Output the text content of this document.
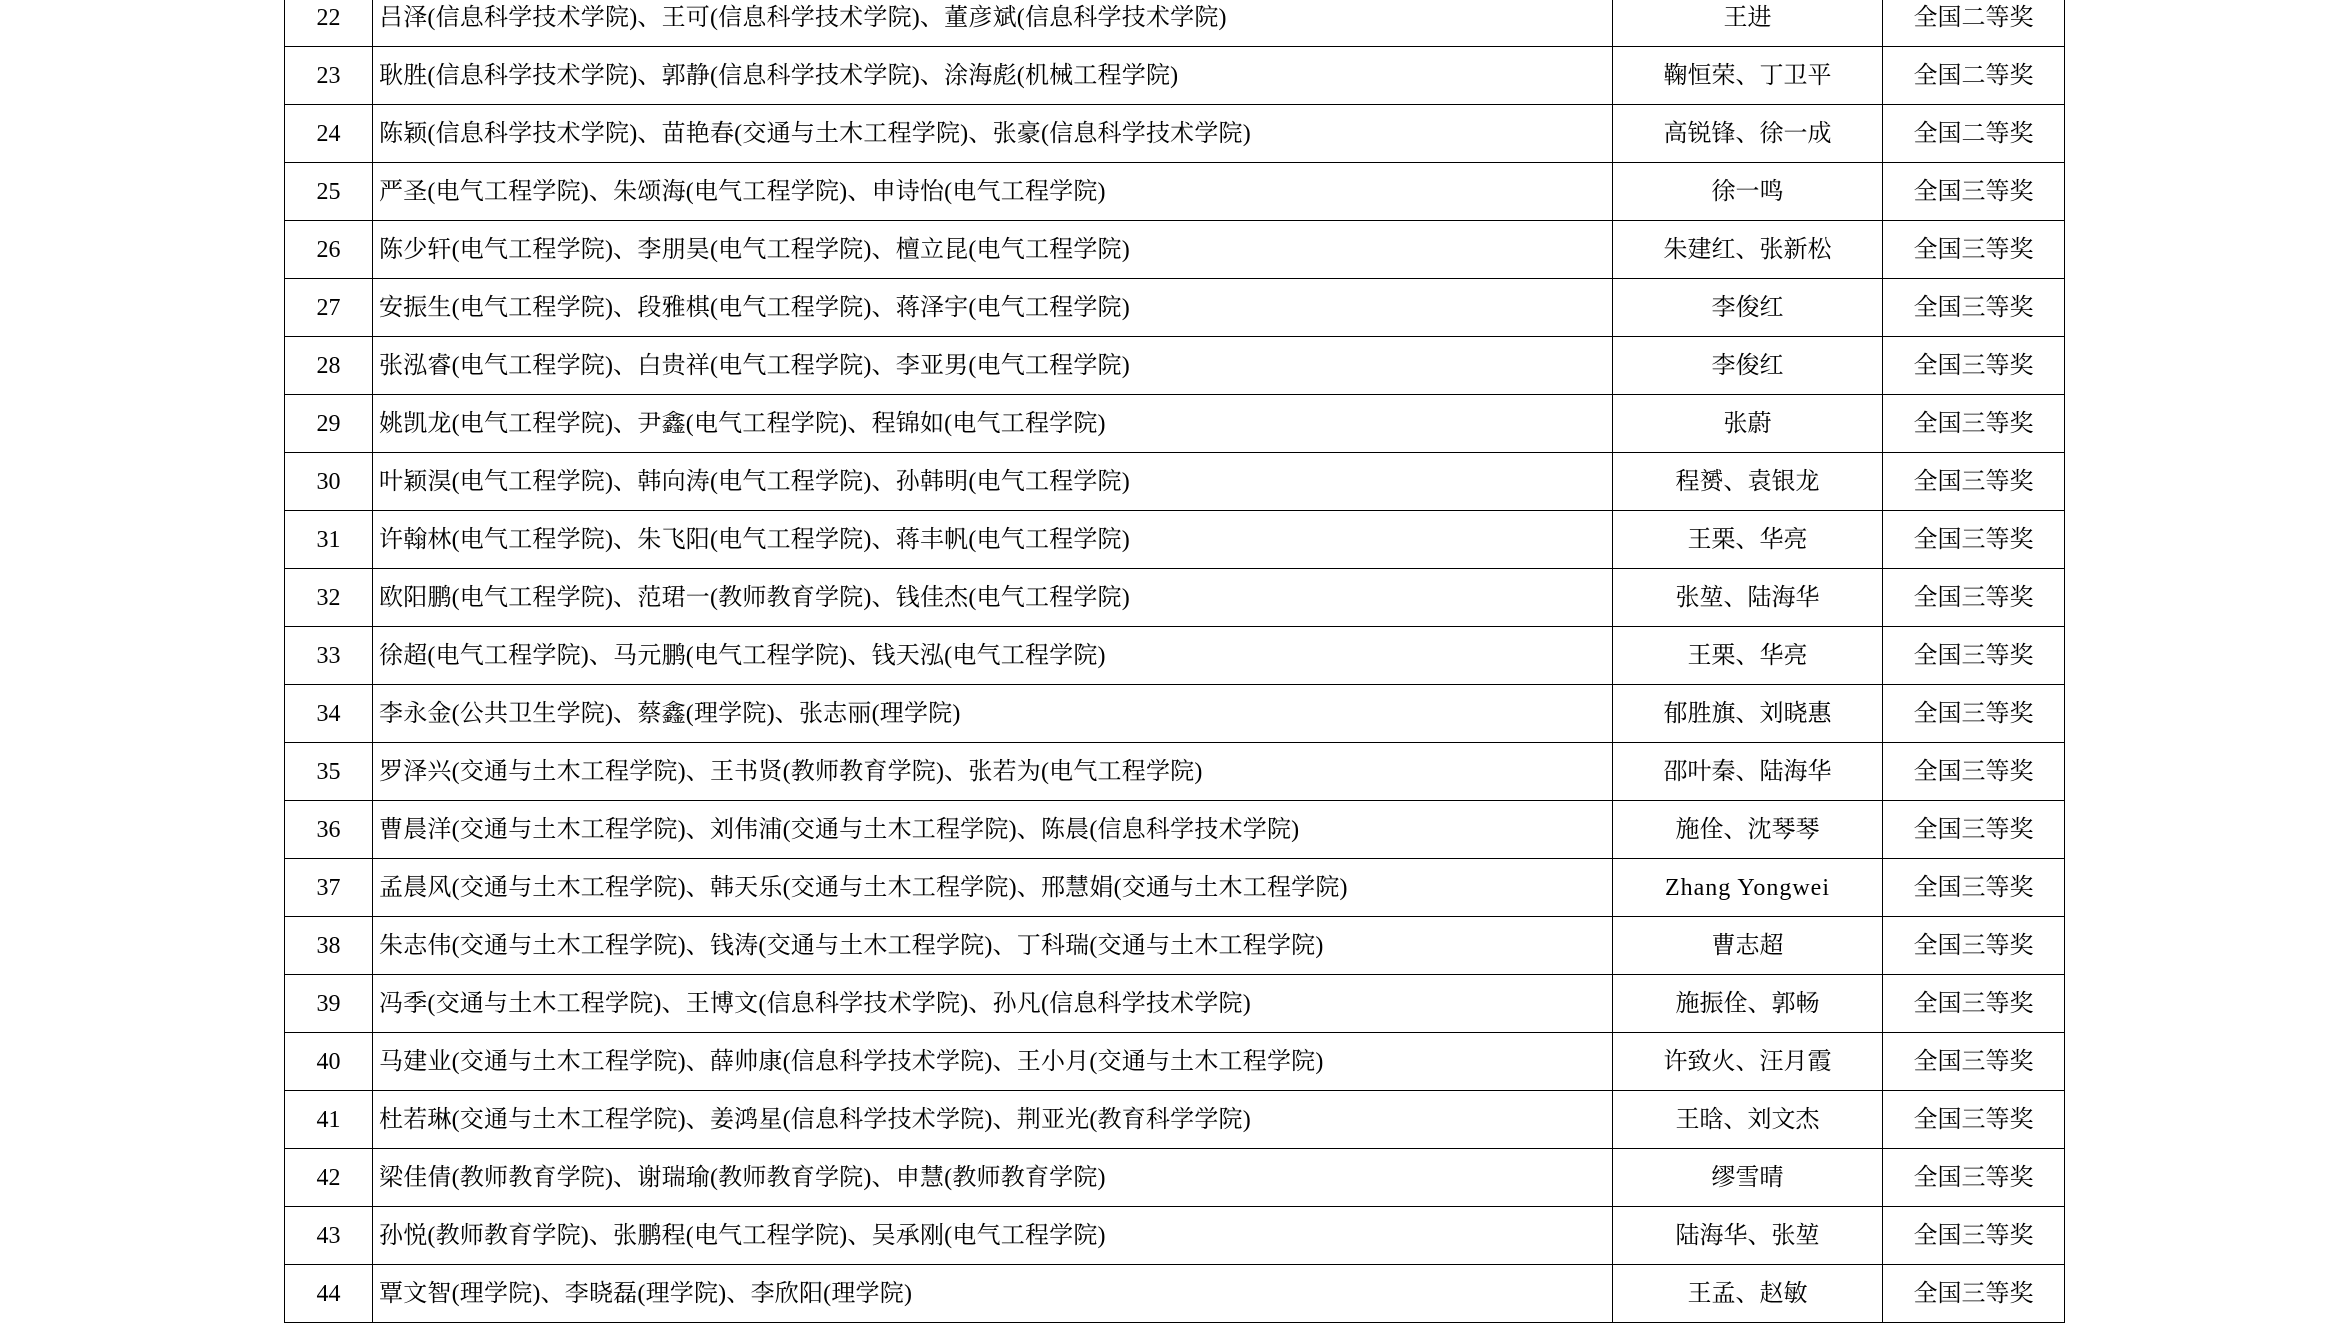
22	吕泽(信息科学技术学院)、王可(信息科学技术学院)、董彦斌(信息科学技术学院)	王进	全国二等奖
23	耿胜(信息科学技术学院)、郭静(信息科学技术学院)、涂海彪(机械工程学院)	鞠恒荣、丁卫平	全国二等奖
24	陈颖(信息科学技术学院)、苗艳春(交通与土木工程学院)、张豪(信息科学技术学院)	高锐锋、徐一成	全国二等奖
25	严圣(电气工程学院)、朱颂海(电气工程学院)、申诗怡(电气工程学院)	徐一鸣	全国三等奖
26	陈少轩(电气工程学院)、李朋昊(电气工程学院)、檀立昆(电气工程学院)	朱建红、张新松	全国三等奖
27	安振生(电气工程学院)、段雅棋(电气工程学院)、蒋泽宇(电气工程学院)	李俊红	全国三等奖
28	张泓睿(电气工程学院)、白贵祥(电气工程学院)、李亚男(电气工程学院)	李俊红	全国三等奖
29	姚凯龙(电气工程学院)、尹鑫(电气工程学院)、程锦如(电气工程学院)	张蔚	全国三等奖
30	叶颖淏(电气工程学院)、韩向涛(电气工程学院)、孙韩明(电气工程学院)	程赟、袁银龙	全国三等奖
31	许翰林(电气工程学院)、朱飞阳(电气工程学院)、蒋丰帆(电气工程学院)	王栗、华亮	全国三等奖
32	欧阳鹏(电气工程学院)、范珺一(教师教育学院)、钱佳杰(电气工程学院)	张堃、陆海华	全国三等奖
33	徐超(电气工程学院)、马元鹏(电气工程学院)、钱天泓(电气工程学院)	王栗、华亮	全国三等奖
34	李永金(公共卫生学院)、蔡鑫(理学院)、张志丽(理学院)	郁胜旗、刘晓惠	全国三等奖
35	罗泽兴(交通与土木工程学院)、王书贤(教师教育学院)、张若为(电气工程学院)	邵叶秦、陆海华	全国三等奖
36	曹晨洋(交通与土木工程学院)、刘伟浦(交通与土木工程学院)、陈晨(信息科学技术学院)	施佺、沈琴琴	全国三等奖
37	孟晨风(交通与土木工程学院)、韩天乐(交通与土木工程学院)、邢慧娟(交通与土木工程学院)	Zhang Yongwei	全国三等奖
38	朱志伟(交通与土木工程学院)、钱涛(交通与土木工程学院)、丁科瑞(交通与土木工程学院)	曹志超	全国三等奖
39	冯季(交通与土木工程学院)、王博文(信息科学技术学院)、孙凡(信息科学技术学院)	施振佺、郭畅	全国三等奖
40	马建业(交通与土木工程学院)、薛帅康(信息科学技术学院)、王小月(交通与土木工程学院)	许致火、汪月霞	全国三等奖
41	杜若琳(交通与土木工程学院)、姜鸿星(信息科学技术学院)、荆亚光(教育科学学院)	王晗、刘文杰	全国三等奖
42	梁佳倩(教师教育学院)、谢瑞瑜(教师教育学院)、申慧(教师教育学院)	缪雪晴	全国三等奖
43	孙悦(教师教育学院)、张鹏程(电气工程学院)、吴承刚(电气工程学院)	陆海华、张堃	全国三等奖
44	覃文智(理学院)、李晓磊(理学院)、李欣阳(理学院)	王孟、赵敏	全国三等奖
